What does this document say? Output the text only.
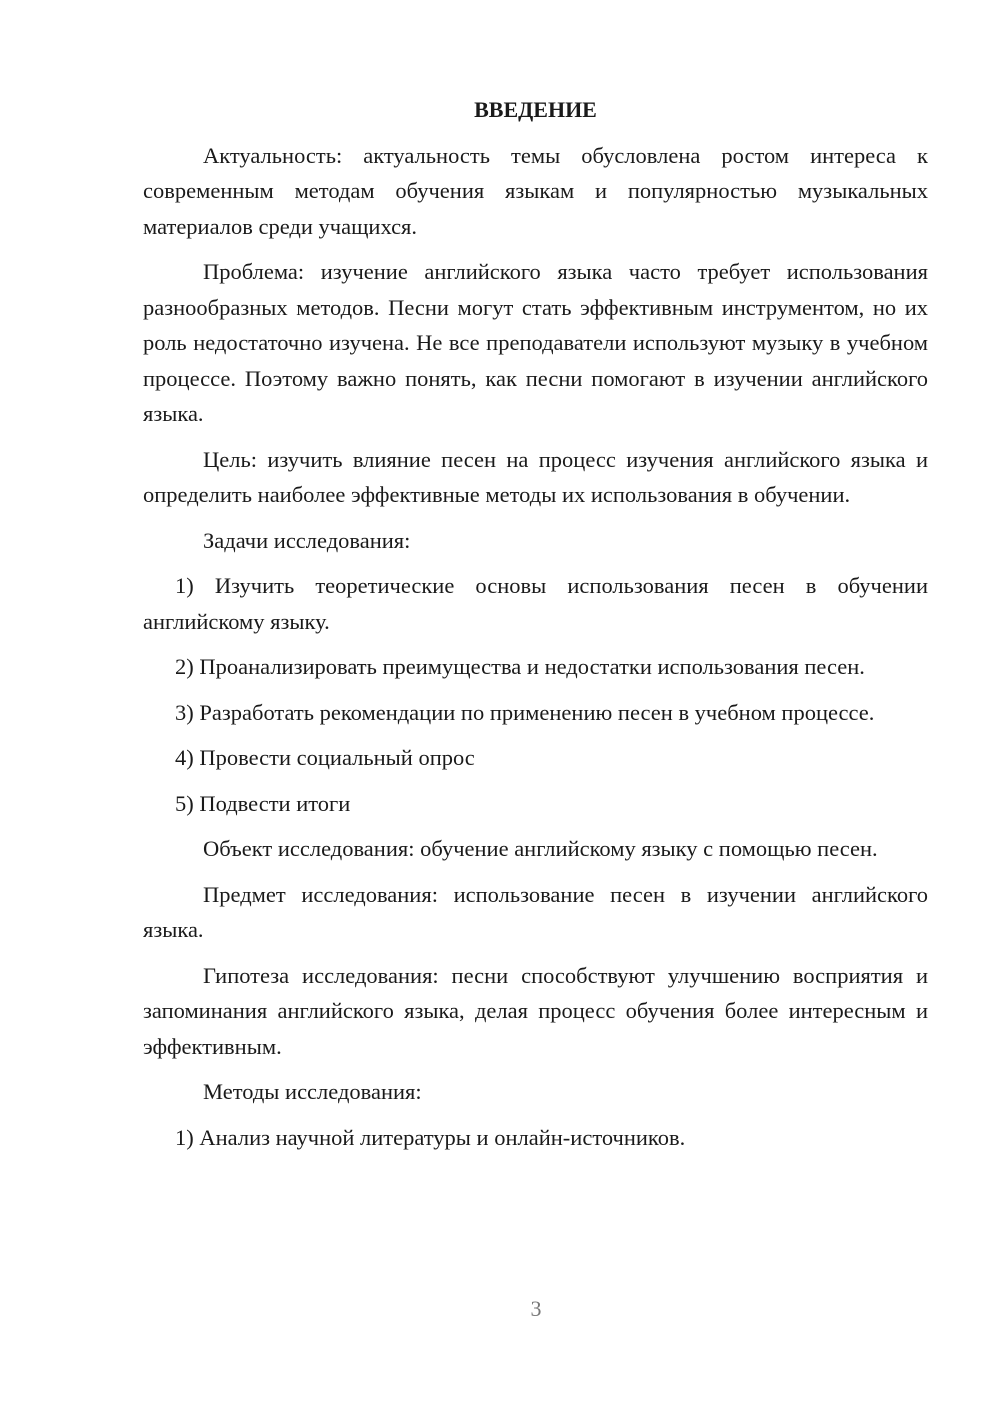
ВВЕДЕНИЕ

Актуальность: актуальность темы обусловлена ростом интереса к современным методам обучения языкам и популярностью музыкальных материалов среди учащихся.

Проблема: изучение английского языка часто требует использования разнообразных методов. Песни могут стать эффективным инструментом, но их роль недостаточно изучена. Не все преподаватели используют музыку в учебном процессе. Поэтому важно понять, как песни помогают в изучении английского языка.

Цель: изучить влияние песен на процесс изучения английского языка и определить наиболее эффективные методы их использования в обучении.

Задачи исследования:

1) Изучить теоретические основы использования песен в обучении английскому языку.

2) Проанализировать преимущества и недостатки использования песен.

3) Разработать рекомендации по применению песен в учебном процессе.

4) Провести социальный опрос

5) Подвести итоги

Объект исследования: обучение английскому языку с помощью песен.

Предмет исследования: использование песен в изучении английского языка.

Гипотеза исследования: песни способствуют улучшению восприятия и запоминания английского языка, делая процесс обучения более интересным и эффективным.

Методы исследования:

1) Анализ научной литературы и онлайн-источников.

3
